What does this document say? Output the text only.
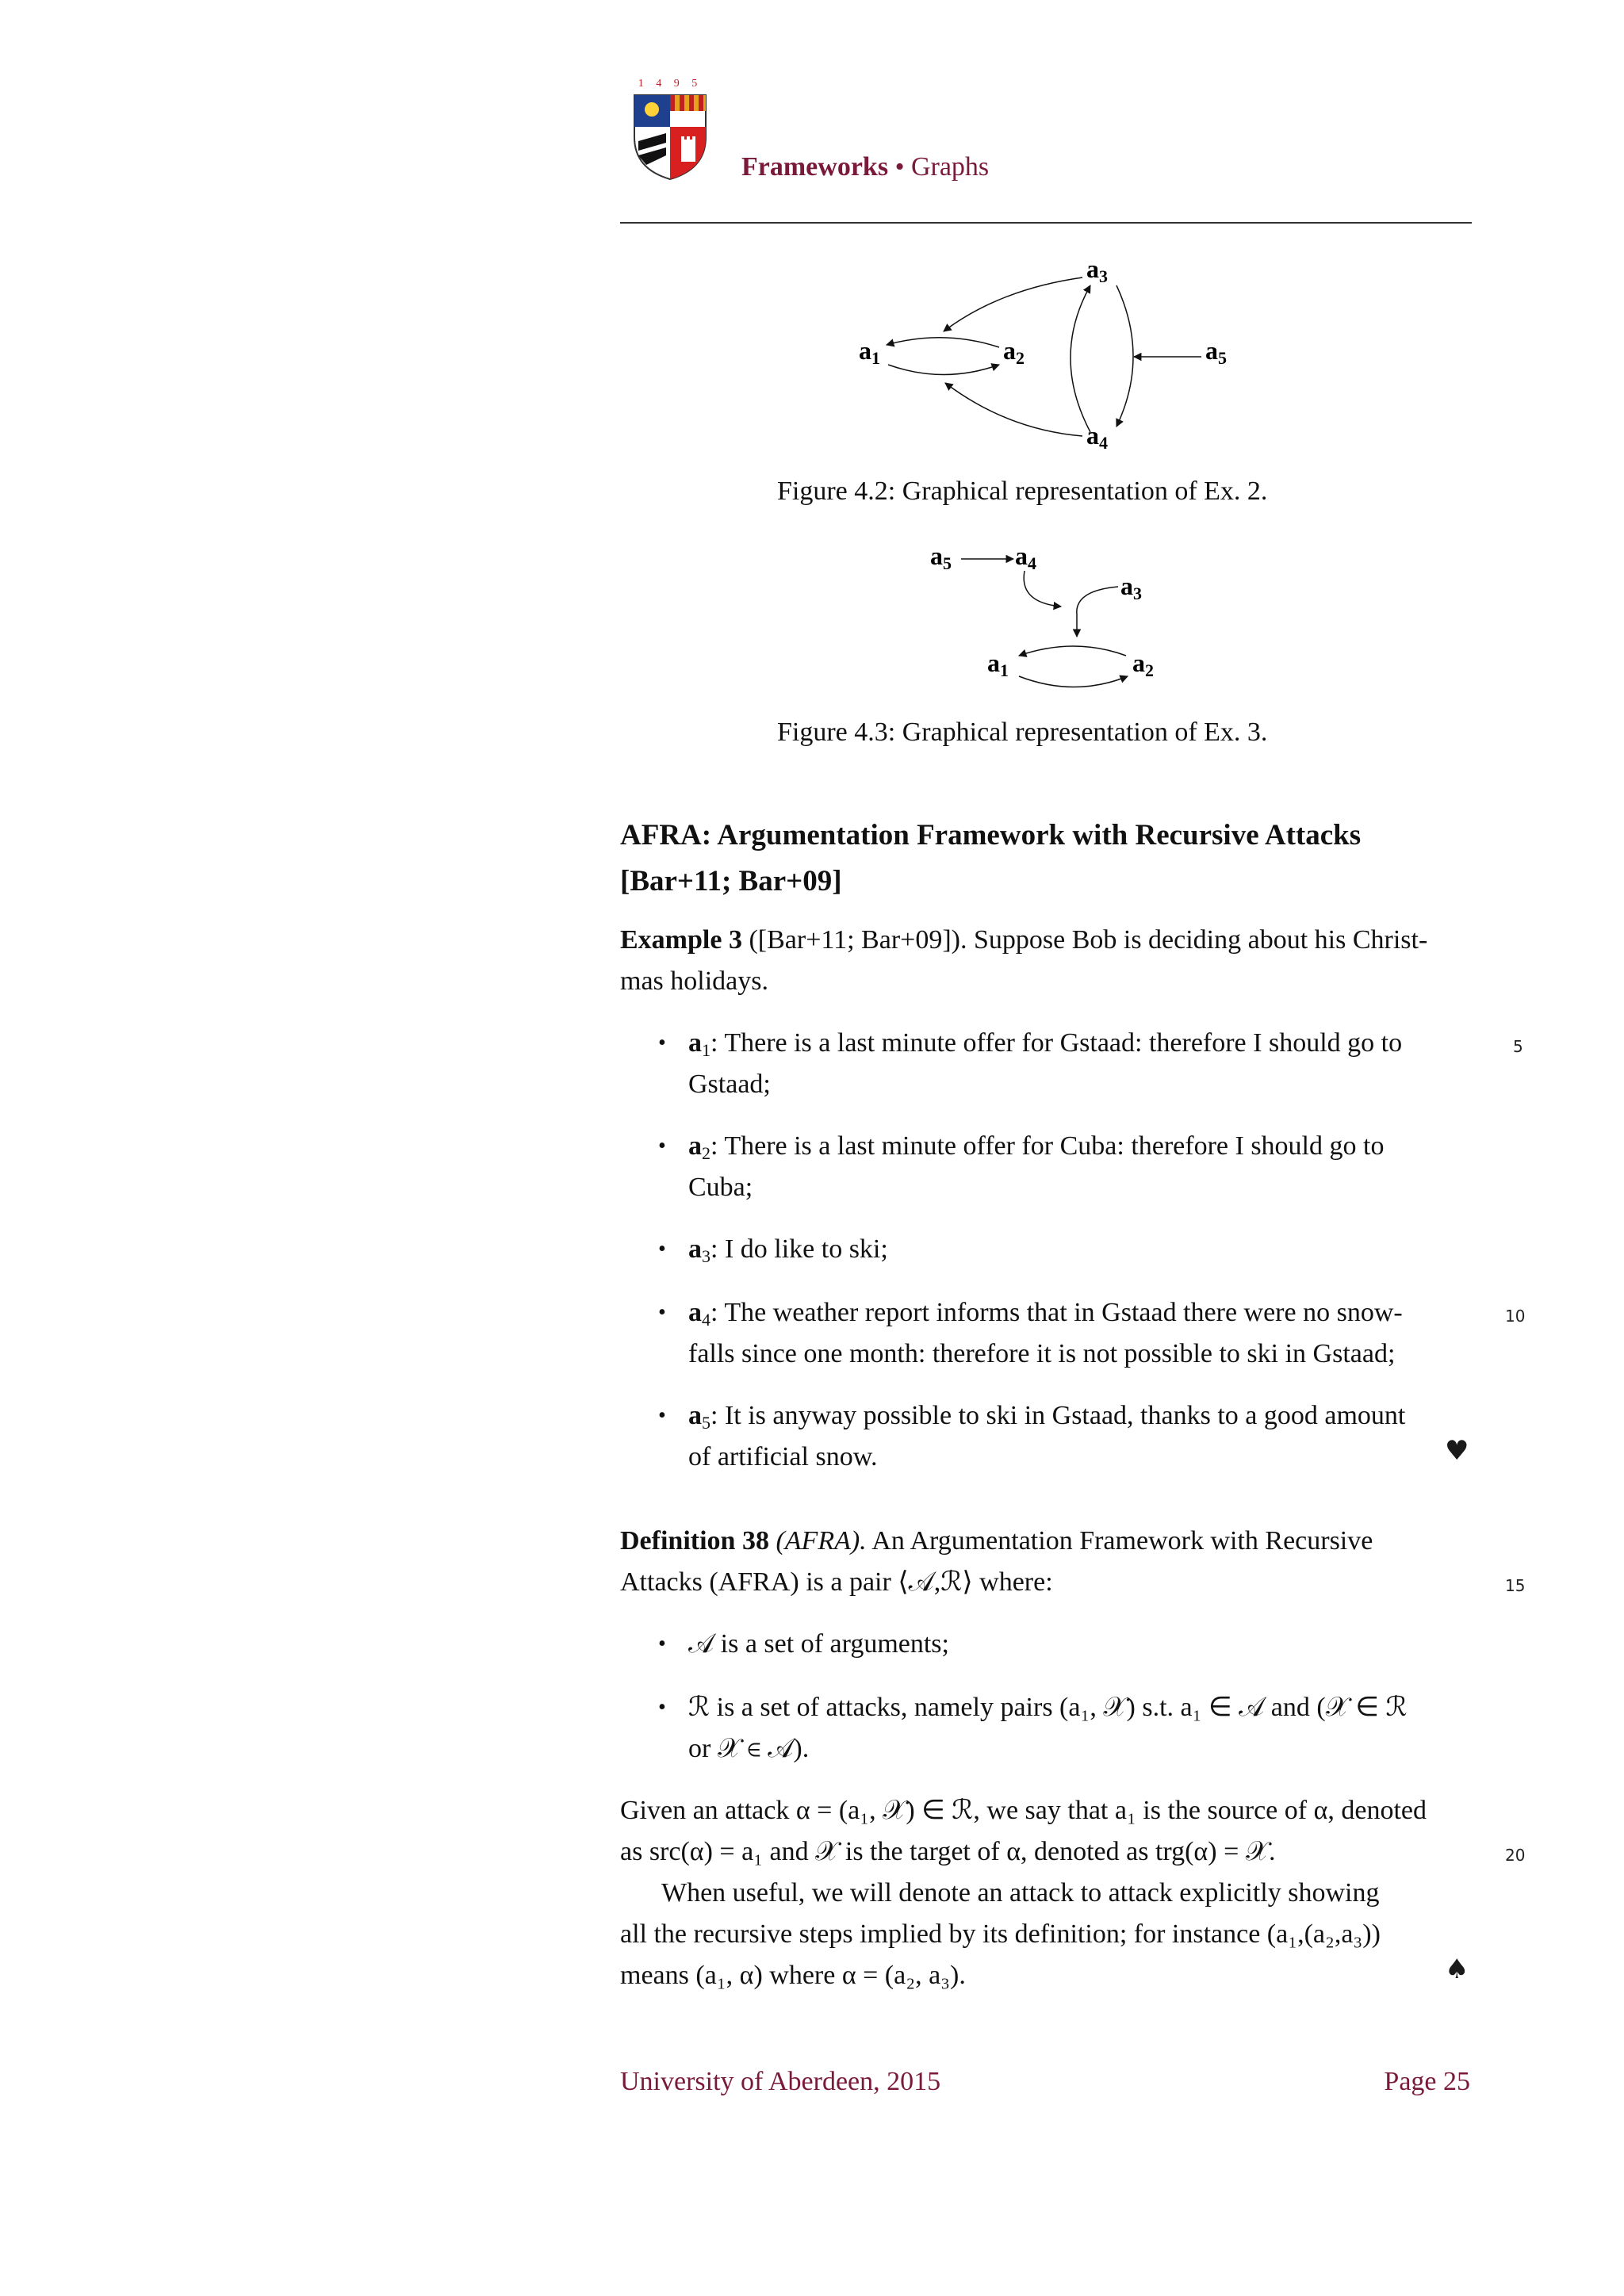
1 4 9 5
Frameworks • Graphs
a1	a2
a3
a4
a5
Figure 4.2: Graphical representation of Ex. 2.
a5	a4
a3
a1	a2
Figure 4.3: Graphical representation of Ex. 3.
AFRA: Argumentation Framework with Recursive Attacks
[Bar+11; Bar+09]
Example 3 ([Bar+11; Bar+09]). Suppose Bob is deciding about his Christ-
mas holidays.
• $a_1$: There is a last minute offer for Gstaad: therefore I should go to
Gstaad;
• $a_2$: There is a last minute offer for Cuba: therefore I should go to
Cuba;
• $a_3$: I do like to ski;
• $a_4$: The weather report informs that in Gstaad there were no snow-
falls since one month: therefore it is not possible to ski in Gstaad;
• $a_5$: It is anyway possible to ski in Gstaad, thanks to a good amount
of artificial snow.	♥
Definition 38 (AFRA). An Argumentation Framework with Recursive
Attacks (AFRA) is a pair ⟨𝒜,ℛ⟩ where:
• 𝒜 is a set of arguments;
• ℛ is a set of attacks, namely pairs (a₁, 𝒳) s.t. a₁ ∈ 𝒜 and (𝒳 ∈ ℛ
or 𝒳 ∈ 𝒜).
Given an attack α = (a₁, 𝒳) ∈ ℛ, we say that a₁ is the source of α, denoted
as src(α) = a₁ and 𝒳 is the target of α, denoted as trg(α) = 𝒳.
When useful, we will denote an attack to attack explicitly showing
all the recursive steps implied by its definition; for instance (a₁,(a₂,a₃))
means (a₁, α) where α = (a₂, a₃).	♠
5
10
15
20
University of Aberdeen, 2015	Page 25
